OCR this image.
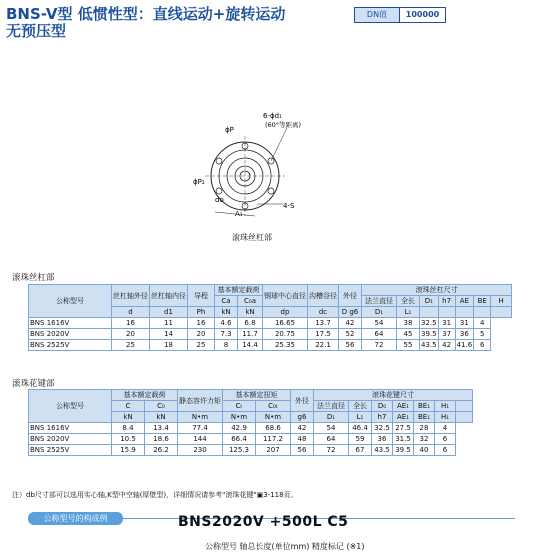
BNS-V型 低惯性型：直线运动+旋转运动
无预压型
DN值	100000
6-ϕd₁
(60°等距离)
ϕP
ϕP₂
do
A₁
4-S
滚珠丝杠部
滚珠丝杠部
公称型号	丝杠轴外径	丝杠轴内径	导程	基本额定载荷		钢球中心直径	沟槽谷径	外径	滚珠丝杠尺寸						
				Ca	C₀a				法兰直径	全长	D₁	h7	AE	BE	H
	d	d1	Ph	kN	kN	dp	dc	D g6	D₁	L₁					
BNS 1616V	16	11	16	4.6	6.8	16.65	13.7	42	54	38	32.5	31	31	4	
BNS 2020V	20	14	20	7.3	11.7	20.75	17.5	52	64	45	39.5	37	36	5	
BNS 2525V	25	18	25	8	14.4	25.35	22.1	56	72	55	43.5	42	41.6	6	
滚珠花键部
公称型号	基本额定载荷		静态容许力矩	基本额定扭矩		外径	滚珠花键尺寸						
	C	C₀		Cₜ	C₀ₜ		法兰直径	全长	D₀	AE₁	BE₁	H₁	
	kN	kN	N•m	N•m	N•m	g6	D₁	L₁	h7	AE₁	BE₁	H₁	
BNS 1616V	8.4	13.4	77.4	42.9	68.6	42	54	46.4	32.5	27.5	28	4	
BNS 2020V	10.5	18.6	144	66.4	117.2	48	64	59	36	31.5	32	6	
BNS 2525V	15.9	26.2	230	125.3	207	56	72	67	43.5	39.5	40	6	
注）db尺寸部可以选用实心轴,K型中空轴(厚壁型)，详细情况请参考"滚珠花键"▣3-118页。
公称型号的构成例	BNS2020V +500L C5
公称型号 轴总长度(单位mm) 精度标记 (※1)
